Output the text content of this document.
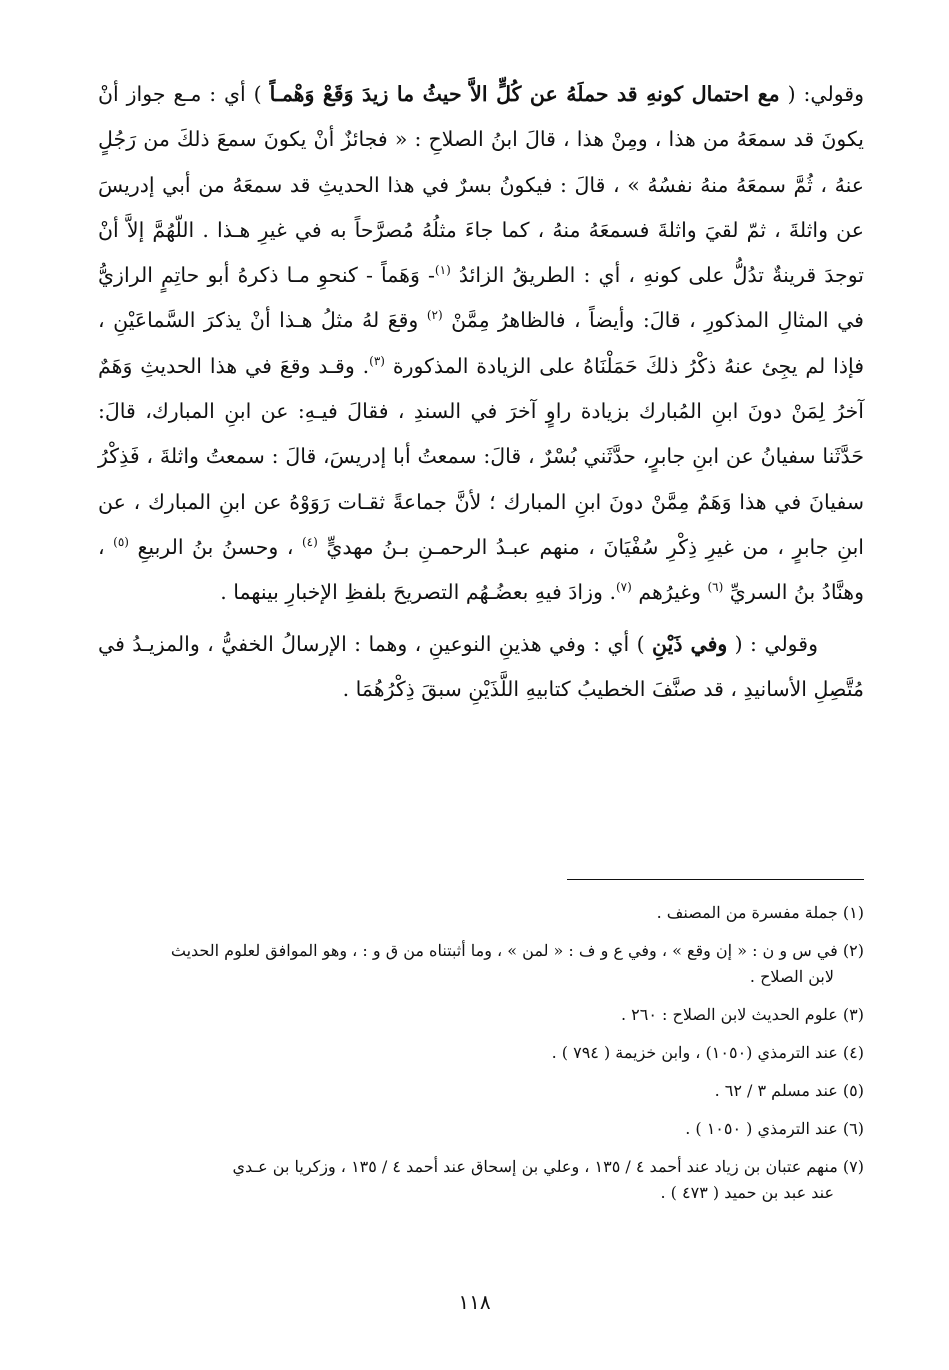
وقولي: ( مع احتمال كونهِ قد حملَهُ عن كُلٍّ الاَّ حيثُ ما زيدَ وَقَعْ وَهْمـاً ) أي : مـع جواز أنْ يكونَ قد سمعَهُ من هذا ، ومِنْ هذا ، قالَ ابنُ الصلاحِ : « فجائزٌ أنْ يكونَ سمعَ ذلكَ من رَجُلٍ عنهُ ، ثُمَّ سمعَهُ منهُ نفسُهُ » ، قالَ : فيكونُ بسرٌ في هذا الحديثِ قد سمعَهُ من أبي إدريسَ عن واثلةَ ، ثمّ لقيَ واثلةَ فسمعَهُ منهُ ، كما جاءَ مثلُهُ مُصرَّحاً به في غيرِ هـذا . اللّهُمَّ إلاَّ أنْ توجدَ قرينةٌ تدُلُّ على كونهِ ، أي : الطريقُ الزائدُ $^{(١)}$- وَهَماً - كنحوِ مـا ذكرهُ أبو حاتِمٍ الرازيُّ في المثالِ المذكورِ ، قالَ: وأيضاً ، فالظاهرُ مِمَّنْ $^{(٢)}$ وقعَ لهُ مثلُ هـذا أنْ يذكرَ السَّماعَيْنِ ، فإذا لم يجِئ عنهُ ذكْرُ ذلكَ حَمَلْنَاهُ على الزيادة المذكورة $^{(٣)}$. وقـد وقعَ في هذا الحديثِ وَهَمٌ آخرُ لِمَنْ دونَ ابنِ المُبارك بزيادة راوٍ آخرَ في السندِ ، فقالَ فيـهِ: عن ابنِ المبارك، قالَ: حَدَّثَنا سفيانُ عن ابنِ جابرٍ، حدَّثَني بُسْرٌ ، قالَ: سمعتُ أبا إدريسَ، قالَ : سمعتُ واثلةَ ، فَذِكْرُ سفيانَ في هذا وَهَمٌ مِمَّنْ دونَ ابنِ المبارك ؛ لأنَّ جماعةً ثقـات رَوَوْهُ عن ابنِ المبارك ، عن ابنِ جابرٍ ، من غيرِ ذِكْرِ سُفْيَانَ ، منهم عبـدُ الرحمـنِ بـنُ مهديٍّ $^{(٤)}$ ، وحسنُ بنُ الربيعِ $^{(٥)}$ ، وهنَّادُ بنُ السريِّ $^{(٦)}$ وغيرُهم $^{(٧)}$. وزادَ فيهِ بعضُـهُم التصريحَ بلفظِ الإخبارِ بينهما .

وقولي : ( وفي ذَيْنِ ) أي : وفي هذينِ النوعينِ ، وهما : الإرسالُ الخفيُّ ، والمزيـدُ في مُتَّصِلِ الأسانيدِ ، قد صنَّفَ الخطيبُ كتابيهِ اللَّذَيْنِ سبقَ ذِكْرُهُمَا .

(١) جملة مفسرة من المصنف .

(٢) في س و ن : « إن وقع » ، وفي ع و ف : « لمن » ، وما أثبتناه من ق و : ، وهو الموافق لعلوم الحديث
لابن الصلاح .

(٣) علوم الحديث لابن الصلاح : ٢٦٠ .

(٤) عند الترمذي (١٠٥٠) ، وابن خزيمة ( ٧٩٤ ) .

(٥) عند مسلم ٣ / ٦٢ .

(٦) عند الترمذي ( ١٠٥٠ ) .

(٧) منهم عتبان بن زياد عند أحمد ٤ / ١٣٥ ، وعلي بن إسحاق عند أحمد ٤ / ١٣٥ ، وزكريا بن عـدي
عند عبد بن حميد ( ٤٧٣ ) .

١١٨
